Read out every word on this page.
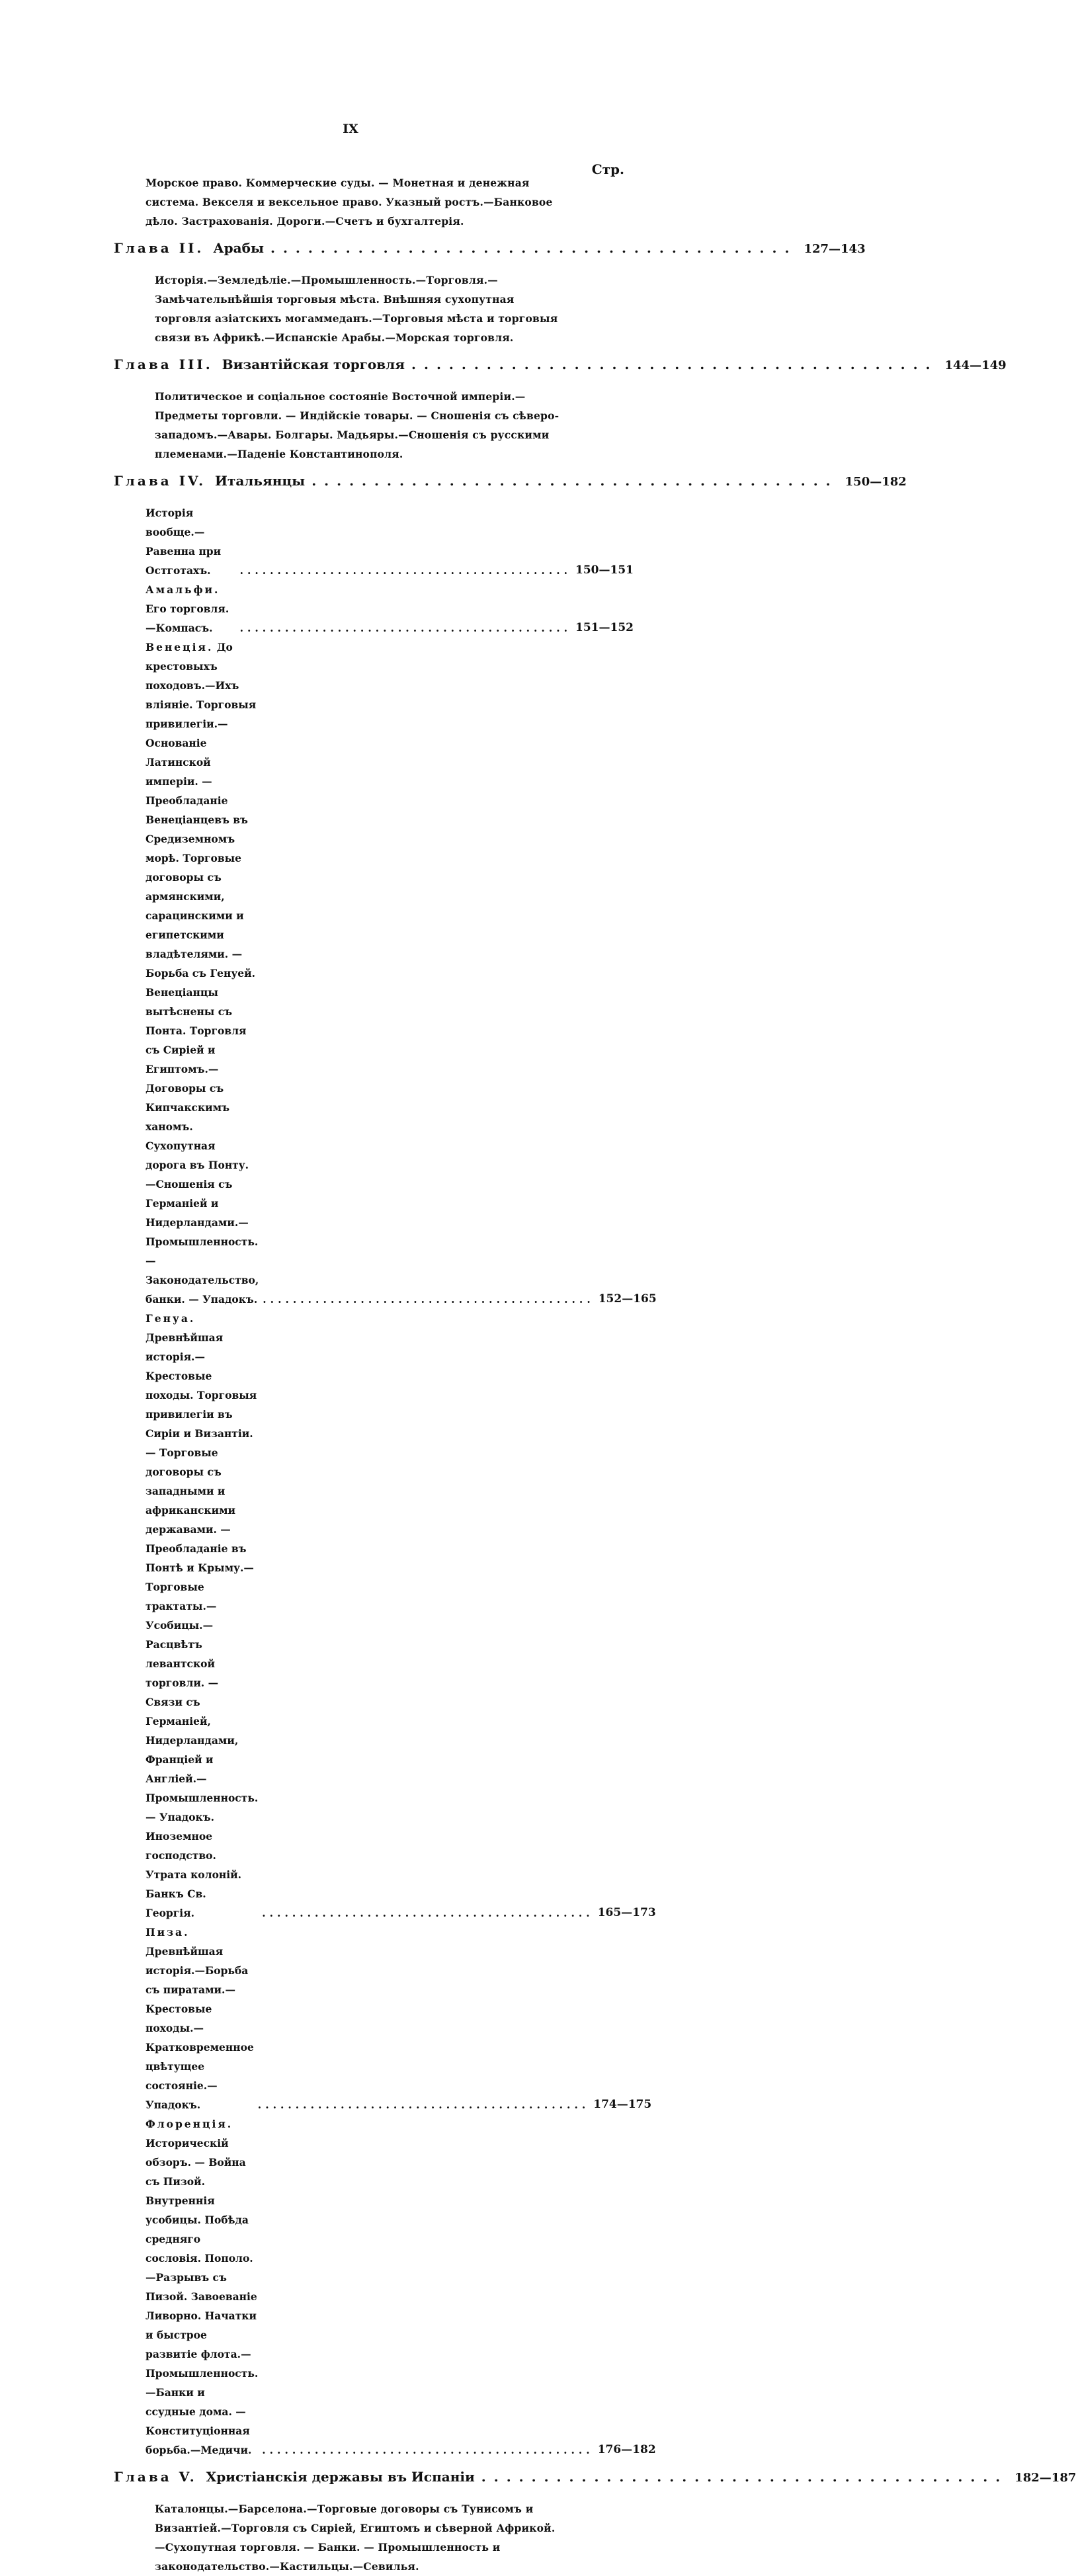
IX
Стр.
Морское право. Коммерческие суды. — Монетная и денежная система. Векселя и вексельное право. Указный ростъ.—Банковое дѣло. Застрахованія. Дороги.—Счетъ и бухгалтерія.
Глава II. Арабы .......................................... 127—143
Исторія.—Земледѣліе.—Промышленность.—Торговля.—Замѣчательнѣйшія торговыя мѣста. Внѣшняя сухопутная торговля азіатскихъ могаммеданъ.—Торговыя мѣста и торговыя связи въ Африкѣ.—Испанскіе Арабы.—Морская торговля.
Глава III. Византійская торговля .......................................... 144—149
Политическое и соціальное состояніе Восточной имперіи.—Предметы торговли. — Индійскіе товары. — Сношенія съ сѣверо-западомъ.—Авары. Болгары. Мадьяры.—Сношенія съ русскими племенами.—Паденіе Константинополя.
Глава IV. Итальянцы .......................................... 150—182
Исторія вообще.—Равенна при Остготахъ.	............................................ 150—151
Амальфи. Его торговля.—Компасъ.	............................................ 151—152
Венеція. До крестовыхъ походовъ.—Ихъ вліяніе. Торговыя привилегіи.—Основаніе Латинской имперіи. — Преобладаніе Венеціанцевъ въ Средиземномъ морѣ. Торговые договоры съ армянскими, сарацинскими и египетскими владѣтелями. — Борьба съ Генуей. Венеціанцы вытѣснены съ Понта. Торговля съ Сиріей и Египтомъ.—Договоры съ Кипчакскимъ ханомъ. Сухопутная дорога въ Понту.—Сношенія съ Германіей и Нидерландами.—Промышленность. — Законодательство, банки. — Упадокъ. ............................................ 152—165
Генуа. Древнѣйшая исторія.—Крестовые походы. Торговыя привилегіи въ Сиріи и Византіи. — Торговые договоры съ западными и африканскими державами. — Преобладаніе въ Понтѣ и Крыму.—Торговые трактаты.—Усобицы.—Расцвѣтъ левантской торговли. — Связи съ Германіей, Нидерландами, Франціей и Англіей.—Промышленность. — Упадокъ. Иноземное господство. Утрата колоній. Банкъ Св. Георгія.	............................................ 165—173
Пиза. Древнѣйшая исторія.—Борьба съ пиратами.—Крестовые походы.—Кратковременное цвѣтущее состояніе.—Упадокъ.	............................................ 174—175
Флоренція. Историческій обзоръ. — Война съ Пизой. Внутреннія усобицы. Побѣда средняго сословія. Пополо.—Разрывъ съ Пизой. Завоеваніе Ливорно. Начатки и быстрое развитіе флота.—Промышленность.—Банки и ссудные дома. — Конституціонная борьба.—Медичи.	............................................ 176—182
Глава V. Христіанскія державы въ Испаніи .......................................... 182—187
Каталонцы.—Барселона.—Торговые договоры съ Тунисомъ и Византіей.—Торговля съ Сиріей, Египтомъ и сѣверной Африкой.—Сухопутная торговля. — Банки. — Промышленность и законодательство.—Кастильцы.—Севилья.
